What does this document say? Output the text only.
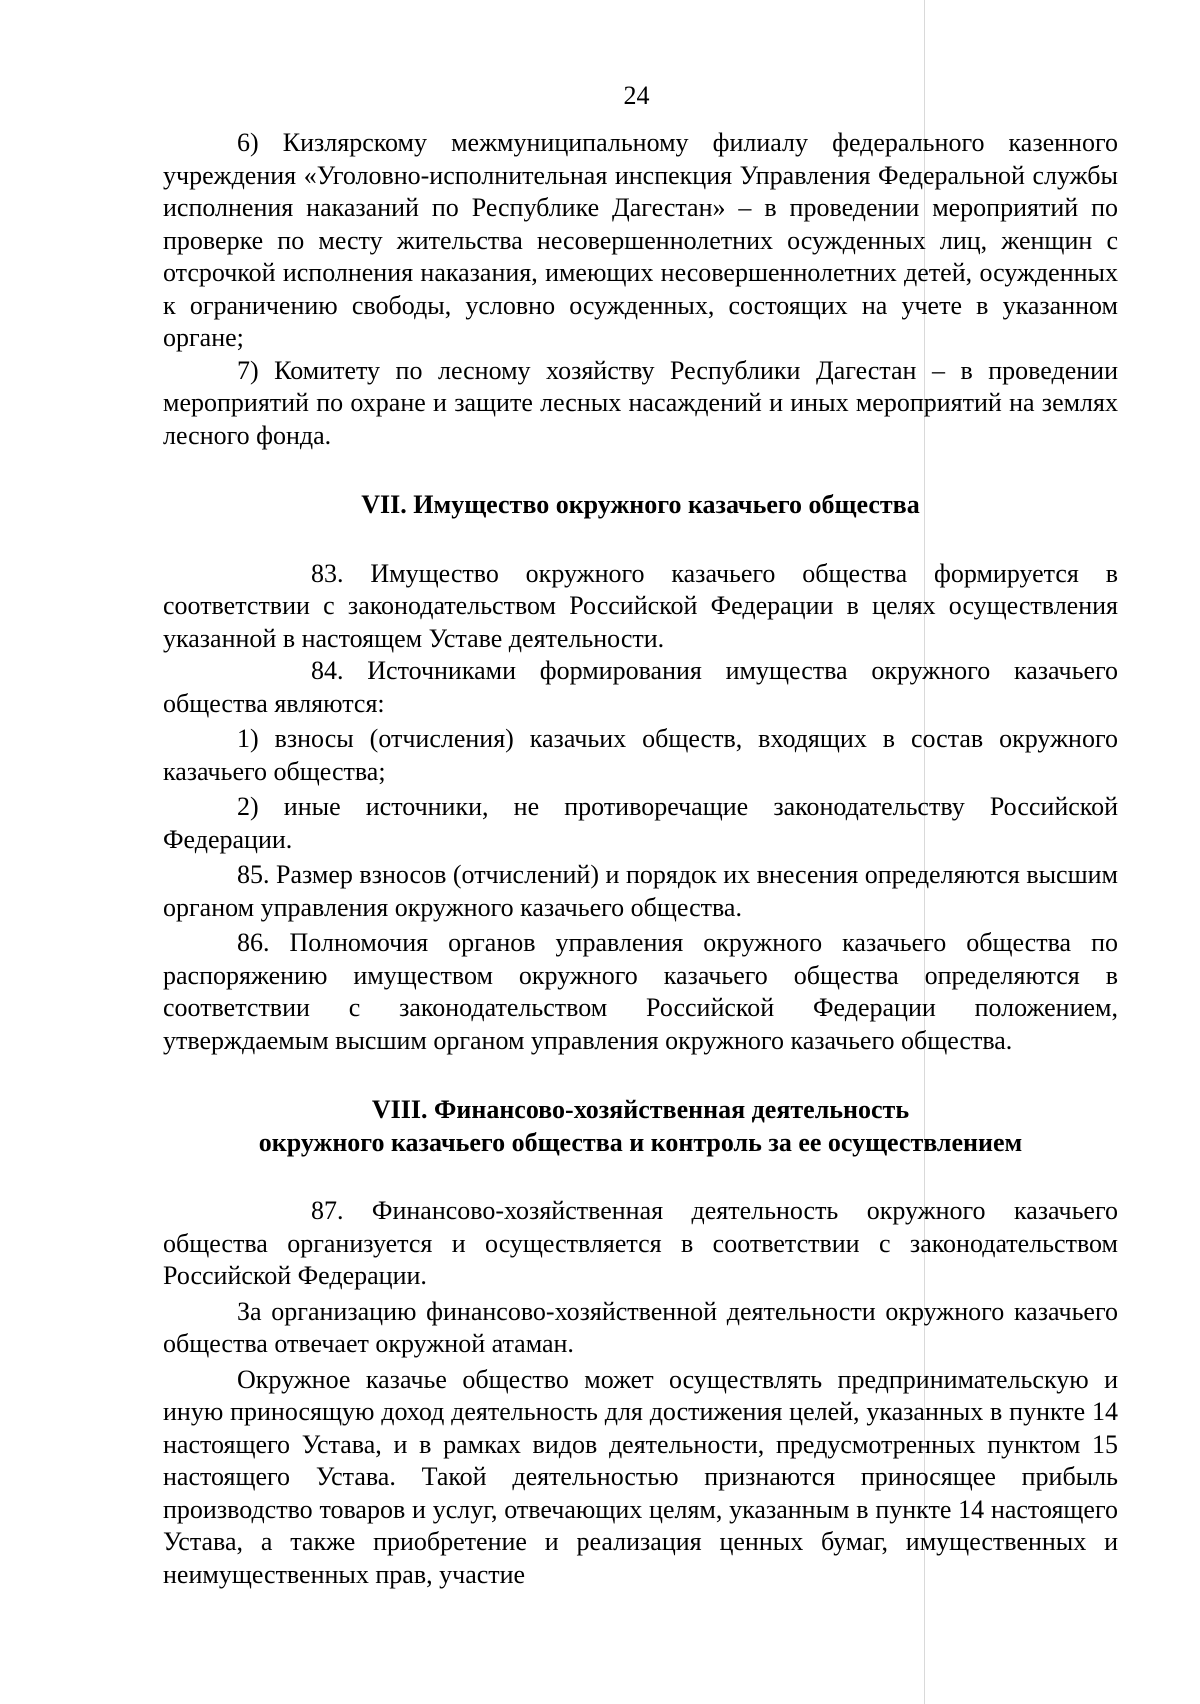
24

6) Кизлярскому межмуниципальному филиалу федерального казенного учреждения «Уголовно-исполнительная инспекция Управления Федеральной службы исполнения наказаний по Республике Дагестан» – в проведении мероприятий по проверке по месту жительства несовершеннолетних осужденных лиц, женщин с отсрочкой исполнения наказания, имеющих несовершеннолетних детей, осужденных к ограничению свободы, условно осужденных, состоящих на учете в указанном органе;

7) Комитету по лесному хозяйству Республики Дагестан – в проведении мероприятий по охране и защите лесных насаждений и иных мероприятий на землях лесного фонда.

VII. Имущество окружного казачьего общества

83. Имущество окружного казачьего общества формируется в соответствии с законодательством Российской Федерации в целях осуществления указанной в настоящем Уставе деятельности.

84. Источниками формирования имущества окружного казачьего общества являются:

1) взносы (отчисления) казачьих обществ, входящих в состав окружного казачьего общества;

2) иные источники, не противоречащие законодательству Российской Федерации.

85. Размер взносов (отчислений) и порядок их внесения определяются высшим органом управления окружного казачьего общества.

86. Полномочия органов управления окружного казачьего общества по распоряжению имуществом окружного казачьего общества определяются в соответствии с законодательством Российской Федерации положением, утверждаемым высшим органом управления окружного казачьего общества.

VIII. Финансово-хозяйственная деятельность

окружного казачьего общества и контроль за ее осуществлением

87. Финансово-хозяйственная деятельность окружного казачьего общества организуется и осуществляется в соответствии с законодательством Российской Федерации.

За организацию финансово-хозяйственной деятельности окружного казачьего общества отвечает окружной атаман.

Окружное казачье общество может осуществлять предпринимательскую и иную приносящую доход деятельность для достижения целей, указанных в пункте 14 настоящего Устава, и в рамках видов деятельности, предусмотренных пунктом 15 настоящего Устава. Такой деятельностью признаются приносящее прибыль производство товаров и услуг, отвечающих целям, указанным в пункте 14 настоящего Устава, а также приобретение и реализация ценных бумаг, имущественных и неимущественных прав, участие
